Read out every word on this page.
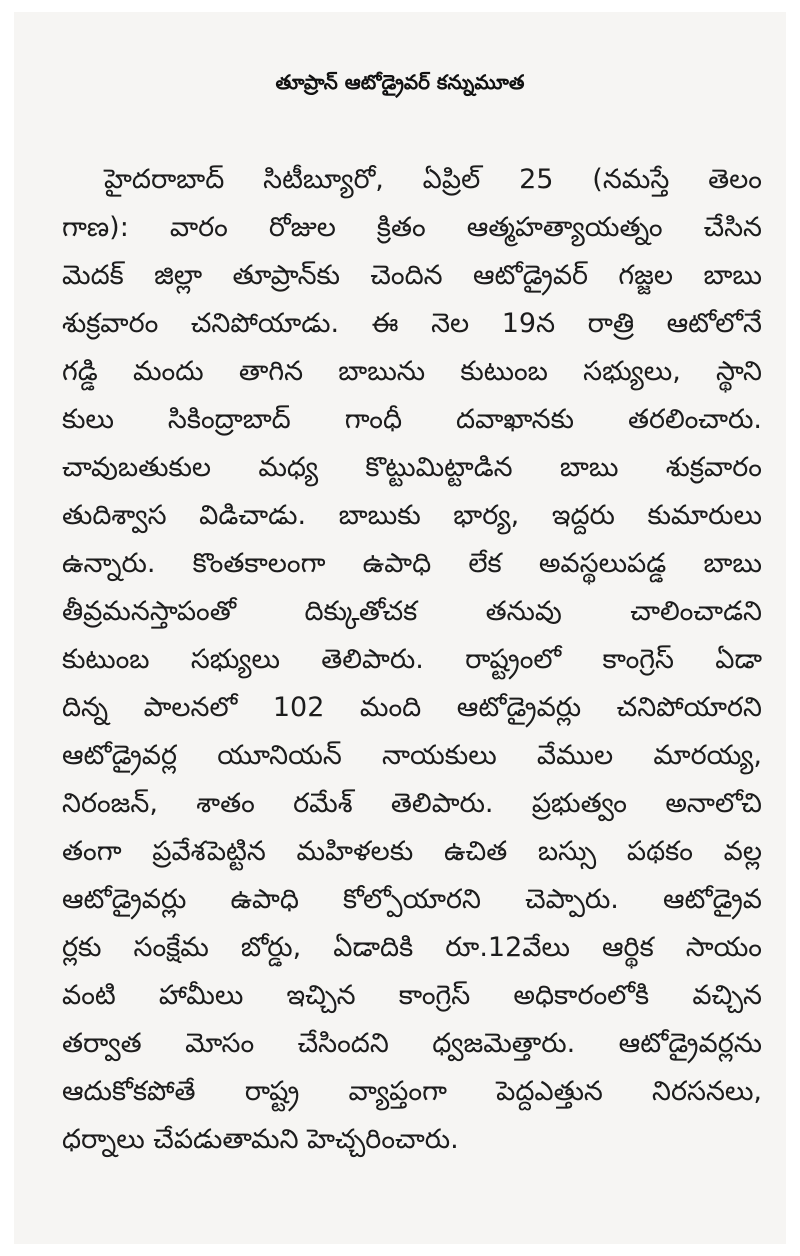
తూప్రాన్ ఆటోడ్రైవర్ కన్నుమూత
హైదరాబాద్ సిటీబ్యూరో, ఏప్రిల్ 25 (నమస్తే తెలం
గాణ): వారం రోజుల క్రితం ఆత్మహత్యాయత్నం చేసిన
మెదక్ జిల్లా తూప్రాన్‌కు చెందిన ఆటోడ్రైవర్ గజ్జల బాబు
శుక్రవారం చనిపోయాడు. ఈ నెల 19న రాత్రి ఆటోలోనే
గడ్డి మందు తాగిన బాబును కుటుంబ సభ్యులు, స్థాని
కులు సికింద్రాబాద్ గాంధీ దవాఖానకు తరలించారు.
చావుబతుకుల మధ్య కొట్టుమిట్టాడిన బాబు శుక్రవారం
తుదిశ్వాస విడిచాడు. బాబుకు భార్య, ఇద్దరు కుమారులు
ఉన్నారు. కొంతకాలంగా ఉపాధి లేక అవస్థలుపడ్డ బాబు
తీవ్రమనస్తాపంతో దిక్కుతోచక తనువు చాలించాడని
కుటుంబ సభ్యులు తెలిపారు. రాష్ట్రంలో కాంగ్రెస్ ఏడా
దిన్న పాలనలో 102 మంది ఆటోడ్రైవర్లు చనిపోయారని
ఆటోడ్రైవర్ల యూనియన్ నాయకులు వేముల మారయ్య,
నిరంజన్, శాతం రమేశ్ తెలిపారు. ప్రభుత్వం అనాలోచి
తంగా ప్రవేశపెట్టిన మహిళలకు ఉచిత బస్సు పథకం వల్ల
ఆటోడ్రైవర్లు ఉపాధి కోల్పోయారని చెప్పారు. ఆటోడ్రైవ
ర్లకు సంక్షేమ బోర్డు, ఏడాదికి రూ.12వేలు ఆర్థిక సాయం
వంటి హామీలు ఇచ్చిన కాంగ్రెస్ అధికారంలోకి వచ్చిన
తర్వాత మోసం చేసిందని ధ్వజమెత్తారు. ఆటోడ్రైవర్లను
ఆదుకోకపోతే రాష్ట్ర వ్యాప్తంగా పెద్దఎత్తున నిరసనలు,
ధర్నాలు చేపడుతామని హెచ్చరించారు.
